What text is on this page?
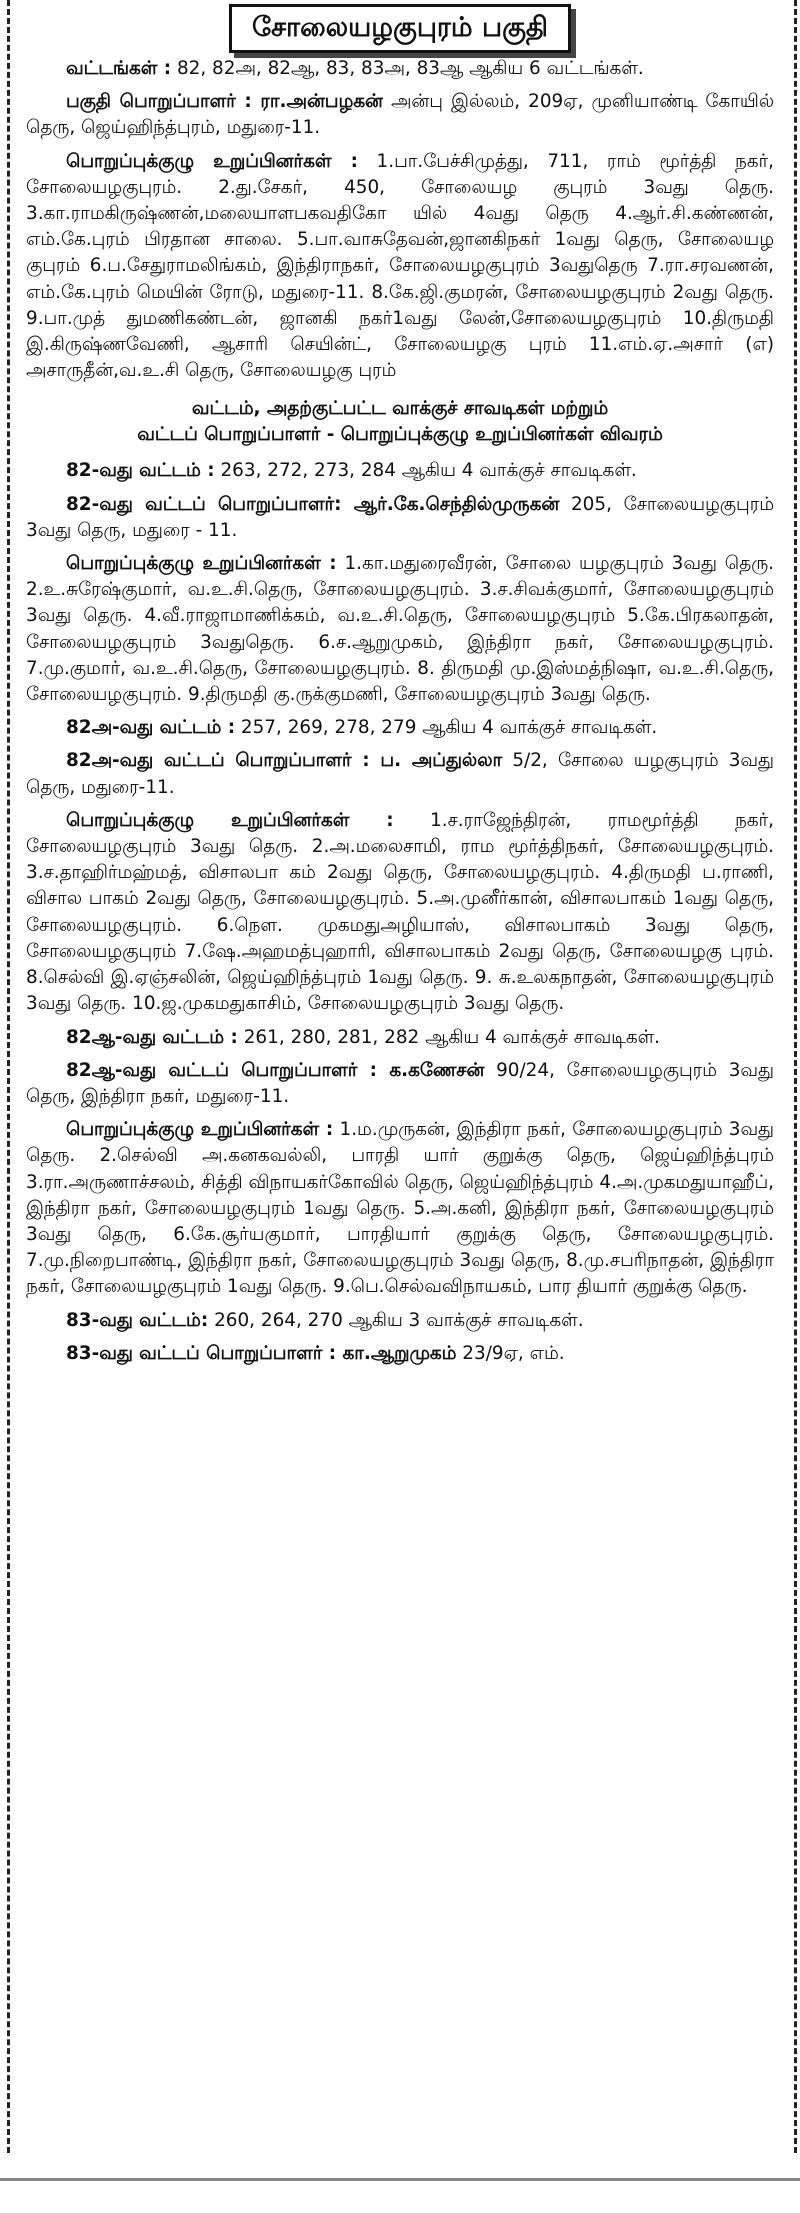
சோலையழகுபுரம் பகுதி

வட்டங்கள் : 82, 82அ, 82ஆ, 83, 83அ, 83ஆ ஆகிய 6 வட்டங்கள்.

பகுதி பொறுப்பாளர் : ரா.அன்பழகன் அன்பு இல்லம், 209ஏ, முனியாண்டி கோயில் தெரு, ஜெய்ஹிந்த்புரம், மதுரை-11.

பொறுப்புக்குழு உறுப்பினர்கள் : 1.பா.பேச்சிமுத்து, 711, ராம் மூர்த்தி நகர், சோலையழகுபுரம். 2.து.சேகர், 450, சோலையழ குபுரம் 3வது தெரு. 3.கா.ராமகிருஷ்ணன்,மலையாளபகவதிகோ யில் 4வது தெரு 4.ஆர்.சி.கண்ணன், எம்.கே.புரம் பிரதான சாலை. 5.பா.வாசுதேவன்,ஜானகிநகர் 1வது தெரு, சோலையழ குபுரம் 6.ப.சேதுராமலிங்கம், இந்திராநகர், சோலையழகுபுரம் 3வதுதெரு 7.ரா.சரவணன், எம்.கே.புரம் மெயின் ரோடு, மதுரை-11. 8.கே.ஜி.குமரன், சோலையழகுபுரம் 2வது தெரு. 9.பா.முத் துமணிகண்டன், ஜானகி நகர்1வது லேன்,சோலையழகுபுரம் 10.திருமதி இ.கிருஷ்ணவேணி, ஆசாரி செயின்ட், சோலையழகு புரம் 11.எம்.ஏ.அசார் (எ) அசாருதீன்,வ.உ.சி தெரு, சோலையழகு புரம்

வட்டம், அதற்குட்பட்ட வாக்குச் சாவடிகள் மற்றும்
வட்டப் பொறுப்பாளர் - பொறுப்புக்குழு உறுப்பினர்கள் விவரம்

82-வது வட்டம் : 263, 272, 273, 284 ஆகிய 4 வாக்குச் சாவடிகள்.

82-வது வட்டப் பொறுப்பாளர்: ஆர்.கே.செந்தில்முருகன் 205, சோலையழகுபுரம் 3வது தெரு, மதுரை - 11.

பொறுப்புக்குழு உறுப்பினர்கள் : 1.கா.மதுரைவீரன், சோலை யழகுபுரம் 3வது தெரு. 2.உ.சுரேஷ்குமார், வ.உ.சி.தெரு, சோலையழகுபுரம். 3.ச.சிவக்குமார், சோலையழகுபுரம் 3வது தெரு. 4.வீ.ராஜாமாணிக்கம், வ.உ.சி.தெரு, சோலையழகுபுரம் 5.கே.பிரகலாதன், சோலையழகுபுரம் 3வதுதெரு. 6.ச.ஆறுமுகம், இந்திரா நகர், சோலையழகுபுரம். 7.மு.குமார், வ.உ.சி.தெரு, சோலையழகுபுரம். 8. திருமதி மு.இஸ்மத்நிஷா, வ.உ.சி.தெரு, சோலையழகுபுரம். 9.திருமதி கு.ருக்குமணி, சோலையழகுபுரம் 3வது தெரு.

82அ-வது வட்டம் : 257, 269, 278, 279 ஆகிய 4 வாக்குச் சாவடிகள்.

82அ-வது வட்டப் பொறுப்பாளர் : ப. அப்துல்லா 5/2, சோலை யழகுபுரம் 3வது தெரு, மதுரை-11.

பொறுப்புக்குழு உறுப்பினர்கள் : 1.ச.ராஜேந்திரன், ராமமூர்த்தி நகர், சோலையழகுபுரம் 3வது தெரு. 2.அ.மலைசாமி, ராம மூர்த்திநகர், சோலையழகுபுரம். 3.ச.தாஹிர்மஹ்மத், விசாலபா கம் 2வது தெரு, சோலையழகுபுரம். 4.திருமதி ப.ராணி, விசால பாகம் 2வது தெரு, சோலையழகுபுரம். 5.அ.முனீர்கான், விசாலபாகம் 1வது தெரு, சோலையழகுபுரம். 6.நெள. முகமதுஅழியாஸ், விசாலபாகம் 3வது தெரு, சோலையழகுபுரம் 7.ஷே.அஹமத்புஹாரி, விசாலபாகம் 2வது தெரு, சோலையழகு புரம். 8.செல்வி இ.ஏஞ்சலின், ஜெய்ஹிந்த்புரம் 1வது தெரு. 9. சு.உலகநாதன், சோலையழகுபுரம் 3வது தெரு. 10.ஜ.முகமதுகாசிம், சோலையழகுபுரம் 3வது தெரு.

82ஆ-வது வட்டம் : 261, 280, 281, 282 ஆகிய 4 வாக்குச் சாவடிகள்.

82ஆ-வது வட்டப் பொறுப்பாளர் : க.கணேசன் 90/24, சோலையழகுபுரம் 3வது தெரு, இந்திரா நகர், மதுரை-11.

பொறுப்புக்குழு உறுப்பினர்கள் : 1.ம.முருகன், இந்திரா நகர், சோலையழகுபுரம் 3வது தெரு. 2.செல்வி அ.கனகவல்லி, பாரதி யார் குறுக்கு தெரு, ஜெய்ஹிந்த்புரம் 3.ரா.அருணாச்சலம், சித்தி விநாயகர்கோவில் தெரு, ஜெய்ஹிந்த்புரம் 4.அ.முகமதுயாஹீப், இந்திரா நகர், சோலையழகுபுரம் 1வது தெரு. 5.அ.கனி, இந்திரா நகர், சோலையழகுபுரம் 3வது தெரு, 6.கே.சூர்யகுமார், பாரதியார் குறுக்கு தெரு, சோலையழகுபுரம். 7.மு.நிறைபாண்டி, இந்திரா நகர், சோலையழகுபுரம் 3வது தெரு, 8.மு.சபரிநாதன், இந்திரா நகர், சோலையழகுபுரம் 1வது தெரு. 9.பெ.செல்வவிநாயகம், பார தியார் குறுக்கு தெரு.

83-வது வட்டம்: 260, 264, 270 ஆகிய 3 வாக்குச் சாவடிகள்.

83-வது வட்டப் பொறுப்பாளர் : கா.ஆறுமுகம் 23/9ஏ, எம்.
